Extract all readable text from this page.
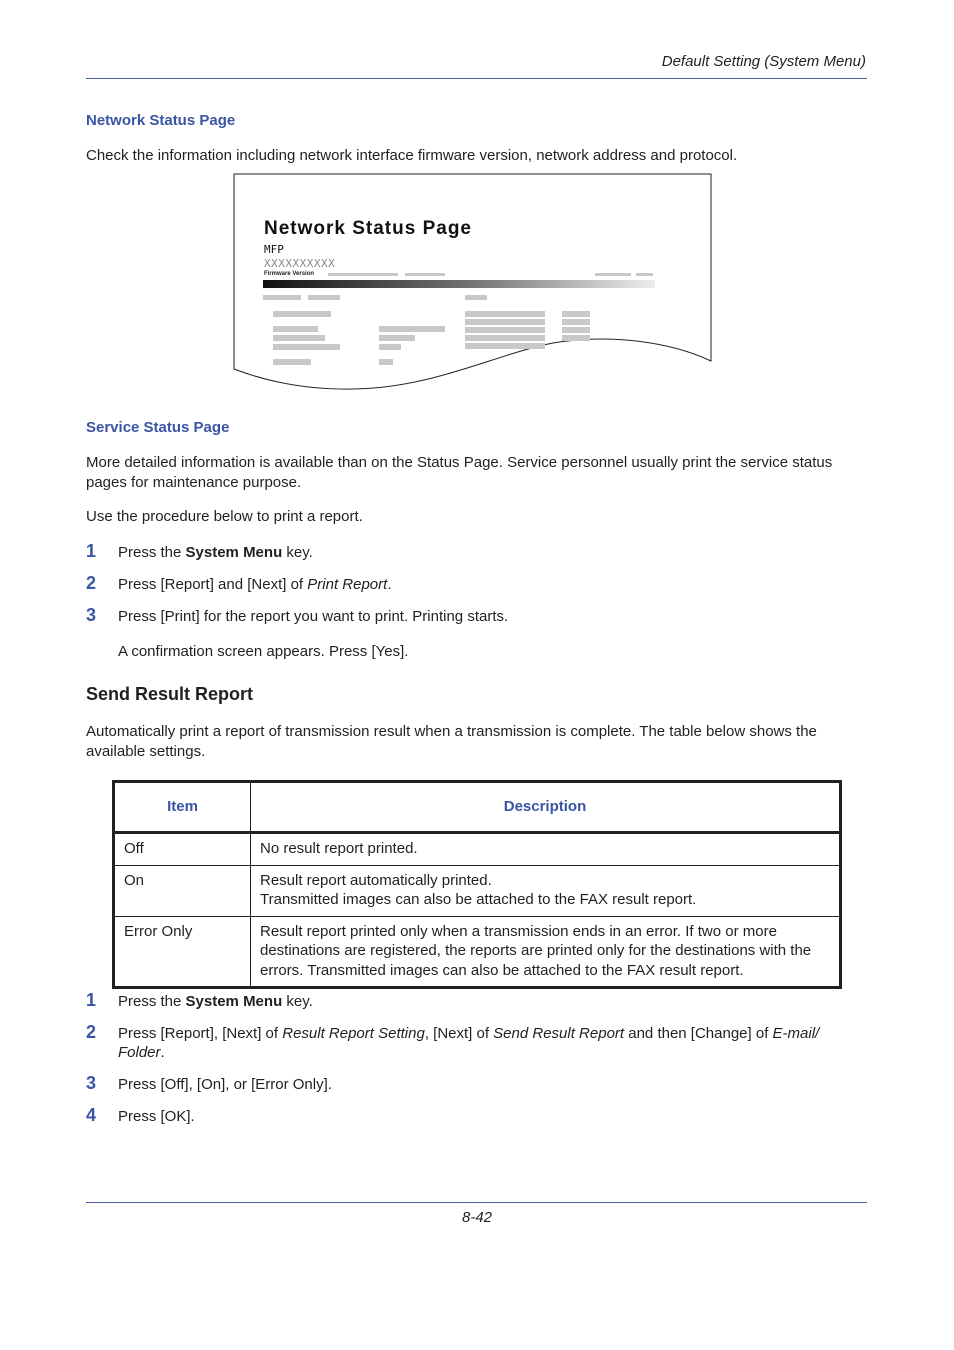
Default Setting (System Menu)
Network Status Page
Check the information including network interface firmware version, network address and protocol.
Network Status Page
MFP
XXXXXXXXXX
Firmware Version
Service Status Page
More detailed information is available than on the Status Page. Service personnel usually print the service status pages for maintenance purpose.
Use the procedure below to print a report.
1 Press the System Menu key.
2 Press [Report] and [Next] of Print Report.
3 Press [Print] for the report you want to print. Printing starts.
A confirmation screen appears. Press [Yes].
Send Result Report
Automatically print a report of transmission result when a transmission is complete. The table below shows the available settings.
Item	Description
Off	No result report printed.

On	Result report automatically printed.
Transmitted images can also be attached to the FAX result report.

Error Only	Result report printed only when a transmission ends in an error. If two or more destinations are registered, the reports are printed only for the destinations with the errors. Transmitted images can also be attached to the FAX result report.
1 Press the System Menu key.
2 Press [Report], [Next] of Result Report Setting, [Next] of Send Result Report and then [Change] of E-mail/ Folder.
3 Press [Off], [On], or [Error Only].
4 Press [OK].
8-42
